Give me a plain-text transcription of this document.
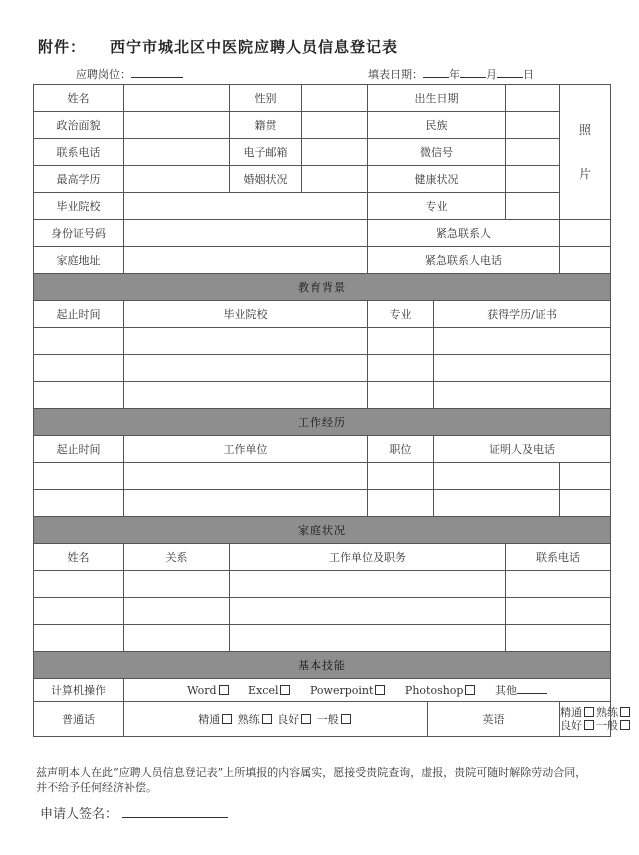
附件： 西宁市城北区中医院应聘人员信息登记表
应聘岗位：	填表日期： 年 月 日
姓名		性别		出生日期				照
片

政治面貌		籍贯		民族				
联系电话		电子邮箱		微信号				
最高学历		婚姻状况		健康状况				
毕业院校				专业				
身份证号码				紧急联系人				
家庭地址				紧急联系人电话				
教育背景								
起止时间	毕业院校			专业		获得学历/证书		

工作经历								
起止时间	工作单位			职位		证明人及电话		

家庭状况								
姓名	关系	工作单位及职务					联系电话	

基本技能								
计算机操作	Word Excel Powerpoint Photoshop 其他							
普通话	精通 熟练 良好 一般				英语			精通 熟练
良好 一般
兹声明本人在此“应聘人员信息登记表”上所填报的内容属实，愿接受贵院查询，虚报，贵院可随时解除劳动合同，并不给予任何经济补偿。
申请人签名：
